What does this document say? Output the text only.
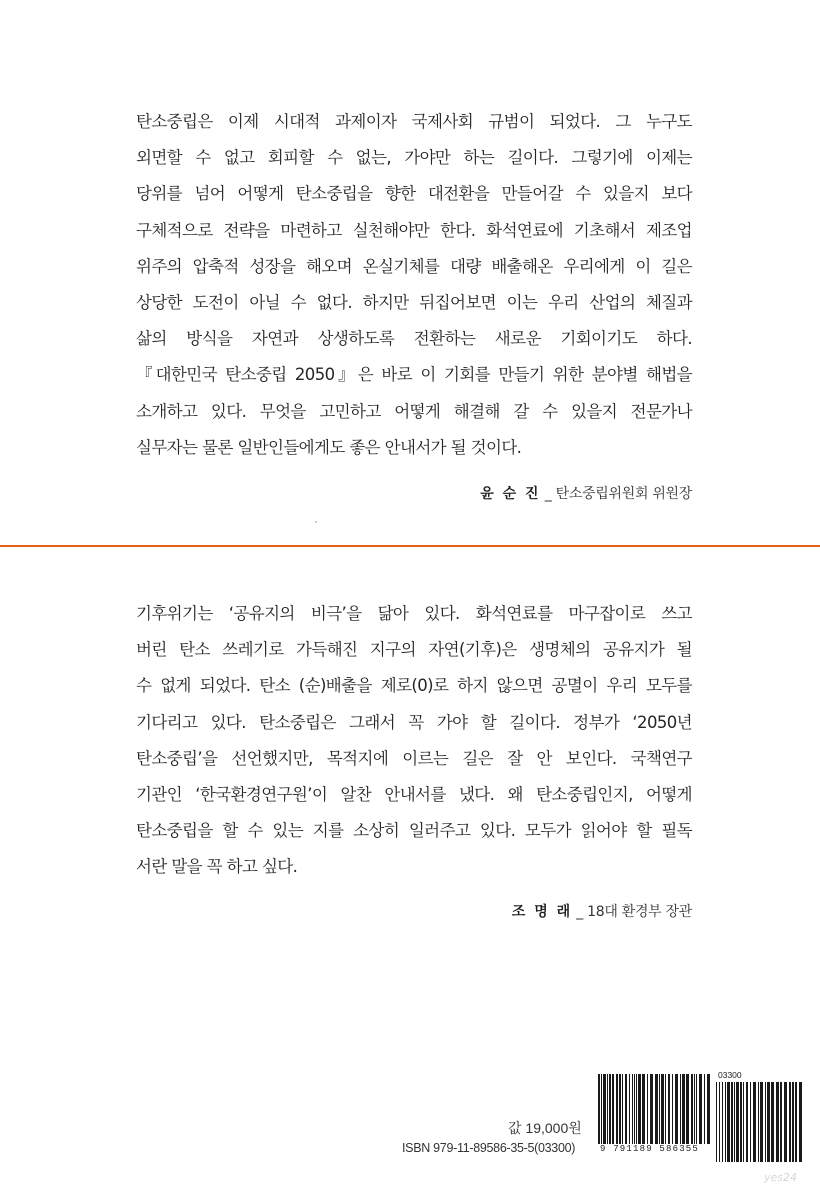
탄소중립은 이제 시대적 과제이자 국제사회 규범이 되었다. 그 누구도
외면할 수 없고 회피할 수 없는, 가야만 하는 길이다. 그렇기에 이제는
당위를 넘어 어떻게 탄소중립을 향한 대전환을 만들어갈 수 있을지 보다
구체적으로 전략을 마련하고 실천해야만 한다. 화석연료에 기초해서 제조업
위주의 압축적 성장을 해오며 온실기체를 대량 배출해온 우리에게 이 길은
상당한 도전이 아닐 수 없다. 하지만 뒤집어보면 이는 우리 산업의 체질과
삶의 방식을 자연과 상생하도록 전환하는 새로운 기회이기도 하다.
『대한민국 탄소중립 2050』은 바로 이 기회를 만들기 위한 분야별 해법을
소개하고 있다. 무엇을 고민하고 어떻게 해결해 갈 수 있을지 전문가나
실무자는 물론 일반인들에게도 좋은 안내서가 될 것이다.
윤 순 진 _ 탄소중립위원회 위원장
기후위기는 ‘공유지의 비극’을 닮아 있다. 화석연료를 마구잡이로 쓰고
버린 탄소 쓰레기로 가득해진 지구의 자연(기후)은 생명체의 공유지가 될
수 없게 되었다. 탄소 (순)배출을 제로(0)로 하지 않으면 공멸이 우리 모두를
기다리고 있다. 탄소중립은 그래서 꼭 가야 할 길이다. 정부가 ‘2050년
탄소중립’을 선언했지만, 목적지에 이르는 길은 잘 안 보인다. 국책연구
기관인 ‘한국환경연구원’이 알찬 안내서를 냈다. 왜 탄소중립인지, 어떻게
탄소중립을 할 수 있는 지를 소상히 일러주고 있다. 모두가 읽어야 할 필독
서란 말을 꼭 하고 싶다.
조 명 래 _ 18대 환경부 장관
값 19,000원
ISBN 979-11-89586-35-5(03300)	9 791189 586355
03300
yes24
